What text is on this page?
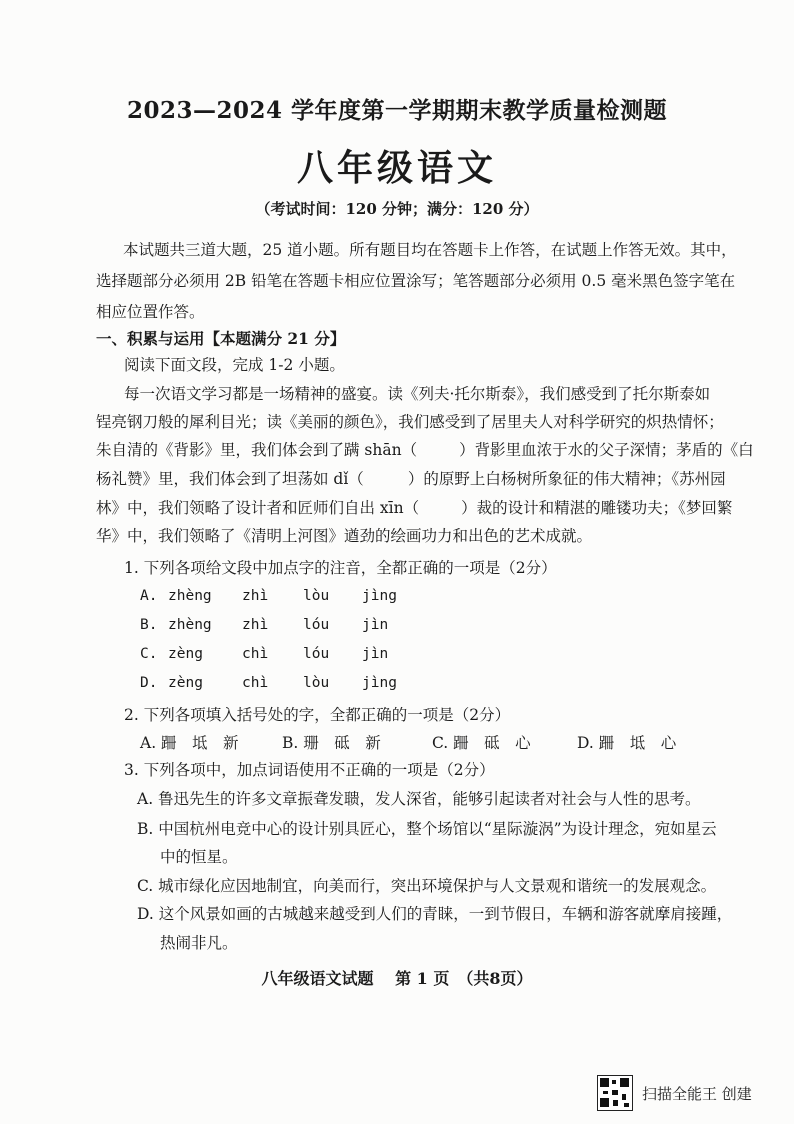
2023—2024 学年度第一学期期末教学质量检测题
八年级语文
（考试时间：120 分钟；满分：120 分）
本试题共三道大题，25 道小题。所有题目均在答题卡上作答，在试题上作答无效。其中，
选择题部分必须用 2B 铅笔在答题卡相应位置涂写；笔答题部分必须用 0.5 毫米黑色签字笔在
相应位置作答。
一、积累与运用【本题满分 21 分】
阅读下面文段，完成 1-2 小题。
每一次语文学习都是一场精神的盛宴。读《列夫·托尔斯泰》，我们感受到了托尔斯泰如
锃亮钢刀般的犀利目光；读《美丽的颜色》，我们感受到了居里夫人对科学研究的炽热情怀；
朱自清的《背影》里，我们体会到了蹒 shān（	）背影里血浓于水的父子深情；茅盾的《白
杨礼赞》里，我们体会到了坦荡如 dǐ（	）的原野上白杨树所象征的伟大精神；《苏州园
林》中，我们领略了设计者和匠师们自出 xīn（	）裁的设计和精湛的雕镂功夫；《梦回繁
华》中，我们领略了《清明上河图》遒劲的绘画功力和出色的艺术成就。
1. 下列各项给文段中加点字的注音，全都正确的一项是（2分）
A. zhèng zhì lòu jìng
B. zhèng zhì lóu jìn
C. zèng	chì lóu jìn
D. zèng	chì lòu jìng
2. 下列各项填入括号处的字，全都正确的一项是（2分）
A. 跚　坻　新	B. 珊　砥　新	C. 跚　砥　心	D. 跚　坻　心
3. 下列各项中，加点词语使用不正确的一项是（2分）
A. 鲁迅先生的许多文章振聋发聩，发人深省，能够引起读者对社会与人性的思考。
B. 中国杭州电竞中心的设计别具匠心，整个场馆以“星际漩涡”为设计理念，宛如星云
中的恒星。
C. 城市绿化应因地制宜，向美而行，突出环境保护与人文景观和谐统一的发展观念。
D. 这个风景如画的古城越来越受到人们的青睐，一到节假日，车辆和游客就摩肩接踵，
热闹非凡。
八年级语文试题　 第 1 页　（共8页）
扫描全能王 创建
